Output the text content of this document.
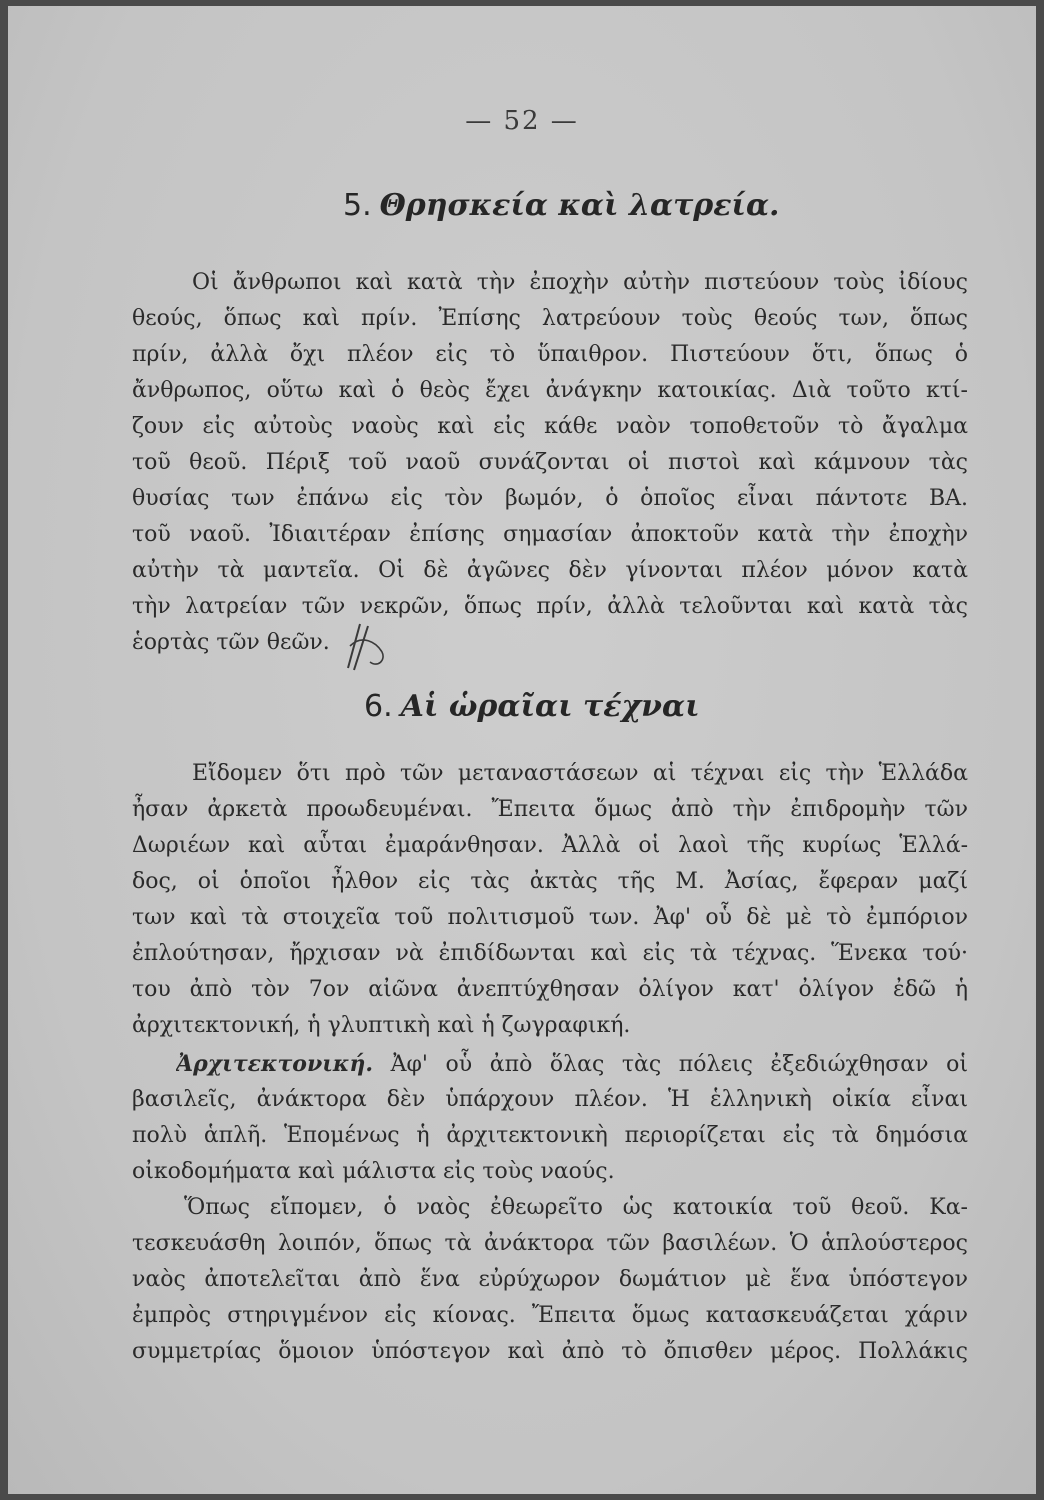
— 52 —
5. Θρησκεία καὶ λατρεία.
Οἱ ἄνθρωποι καὶ κατὰ τὴν ἐποχὴν αὐτὴν πιστεύουν τοὺς ἰδίους
θεούς, ὅπως καὶ πρίν. Ἐπίσης λατρεύουν τοὺς θεούς των, ὅπως
πρίν, ἀλλὰ ὄχι πλέον εἰς τὸ ὕπαιθρον. Πιστεύουν ὅτι, ὅπως ὁ
ἄνθρωπος, οὕτω καὶ ὁ θεὸς ἔχει ἀνάγκην κατοικίας. Διὰ τοῦτο κτί-
ζουν εἰς αὐτοὺς ναοὺς καὶ εἰς κάθε ναὸν τοποθετοῦν τὸ ἄγαλμα
τοῦ θεοῦ. Πέριξ τοῦ ναοῦ συνάζονται οἱ πιστοὶ καὶ κάμνουν τὰς
θυσίας των ἐπάνω εἰς τὸν βωμόν, ὁ ὁποῖος εἶναι πάντοτε ΒΑ.
τοῦ ναοῦ. Ἰδιαιτέραν ἐπίσης σημασίαν ἀποκτοῦν κατὰ τὴν ἐποχὴν
αὐτὴν τὰ μαντεῖα. Οἱ δὲ ἀγῶνες δὲν γίνονται πλέον μόνον κατὰ
τὴν λατρείαν τῶν νεκρῶν, ὅπως πρίν, ἀλλὰ τελοῦνται καὶ κατὰ τὰς
ἑορτὰς τῶν θεῶν.
6. Αἱ ὡραῖαι τέχναι
Εἴδομεν ὅτι πρὸ τῶν μεταναστάσεων αἱ τέχναι εἰς τὴν Ἑλλάδα
ἦσαν ἀρκετὰ προωδευμέναι. Ἔπειτα ὅμως ἀπὸ τὴν ἐπιδρομὴν τῶν
Δωριέων καὶ αὗται ἐμαράνθησαν. Ἀλλὰ οἱ λαοὶ τῆς κυρίως Ἑλλά-
δος, οἱ ὁποῖοι ἦλθον εἰς τὰς ἀκτὰς τῆς Μ. Ἀσίας, ἔφεραν μαζί
των καὶ τὰ στοιχεῖα τοῦ πολιτισμοῦ των. Ἀφ' οὗ δὲ μὲ τὸ ἐμπόριον
ἐπλούτησαν, ἤρχισαν νὰ ἐπιδίδωνται καὶ εἰς τὰ τέχνας. Ἕνεκα τού·
του ἀπὸ τὸν 7ον αἰῶνα ἀνεπτύχθησαν ὀλίγον κατ' ὀλίγον ἐδῶ ἡ
ἀρχιτεκτονική, ἡ γλυπτικὴ καὶ ἡ ζωγραφική.
Ἀρχιτεκτονική. Ἀφ' οὗ ἀπὸ ὅλας τὰς πόλεις ἐξεδιώχθησαν οἱ
βασιλεῖς, ἀνάκτορα δὲν ὑπάρχουν πλέον. Ἡ ἑλληνικὴ οἰκία εἶναι
πολὺ ἁπλῆ. Ἑπομένως ἡ ἀρχιτεκτονικὴ περιορίζεται εἰς τὰ δημόσια
οἰκοδομήματα καὶ μάλιστα εἰς τοὺς ναούς.
Ὅπως εἴπομεν, ὁ ναὸς ἐθεωρεῖτο ὡς κατοικία τοῦ θεοῦ. Κα-
τεσκευάσθη λοιπόν, ὅπως τὰ ἀνάκτορα τῶν βασιλέων. Ὁ ἁπλούστερος
ναὸς ἀποτελεῖται ἀπὸ ἕνα εὐρύχωρον δωμάτιον μὲ ἕνα ὑπόστεγον
ἐμπρὸς στηριγμένον εἰς κίονας. Ἔπειτα ὅμως κατασκευάζεται χάριν
συμμετρίας ὅμοιον ὑπόστεγον καὶ ἀπὸ τὸ ὄπισθεν μέρος. Πολλάκις
